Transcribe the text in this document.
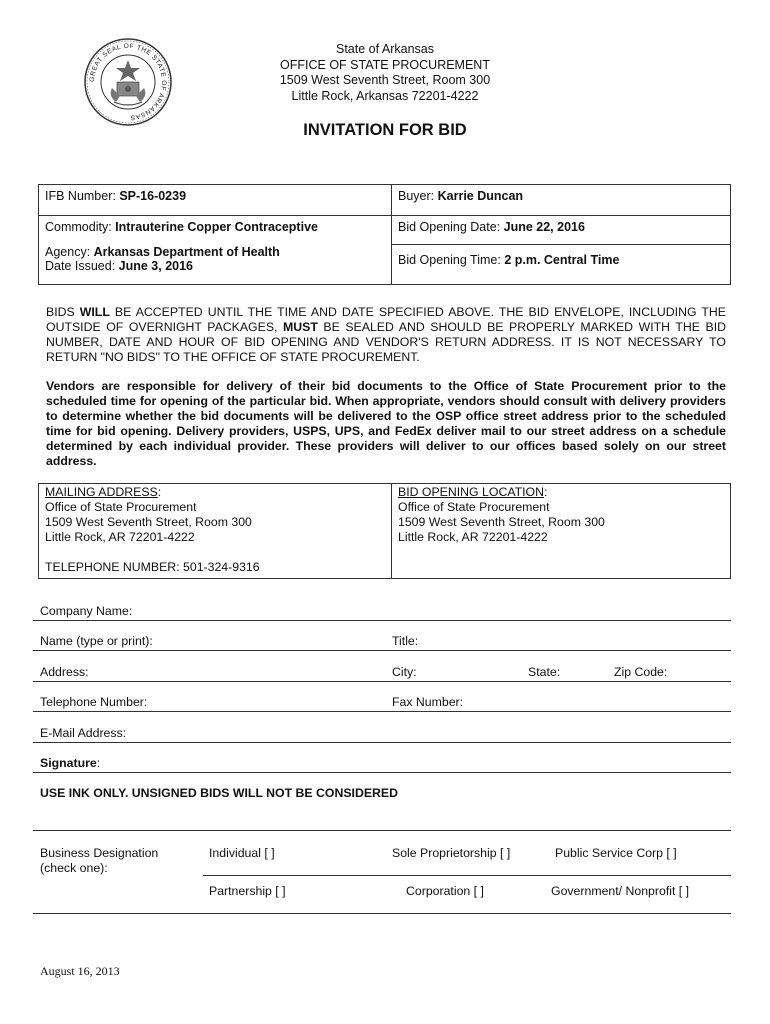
GREAT SEAL OF THE STATE OF ARKANSAS
State of Arkansas
OFFICE OF STATE PROCUREMENT
1509 West Seventh Street, Room 300
Little Rock, Arkansas 72201-4222
INVITATION FOR BID
IFB Number: SP-16-0239	Buyer: Karrie Duncan
Commodity: Intrauterine Copper Contraceptive	Bid Opening Date: June 22, 2016

Agency: Arkansas Department of Health
Date Issued: June 3, 2016	Bid Opening Time: 2 p.m. Central Time
BIDS WILL BE ACCEPTED UNTIL THE TIME AND DATE SPECIFIED ABOVE. THE BID ENVELOPE, INCLUDING THE OUTSIDE OF OVERNIGHT PACKAGES, MUST BE SEALED AND SHOULD BE PROPERLY MARKED WITH THE BID NUMBER, DATE AND HOUR OF BID OPENING AND VENDOR'S RETURN ADDRESS. IT IS NOT NECESSARY TO RETURN "NO BIDS" TO THE OFFICE OF STATE PROCUREMENT.
Vendors are responsible for delivery of their bid documents to the Office of State Procurement prior to the scheduled time for opening of the particular bid. When appropriate, vendors should consult with delivery providers to determine whether the bid documents will be delivered to the OSP office street address prior to the scheduled time for bid opening. Delivery providers, USPS, UPS, and FedEx deliver mail to our street address on a schedule determined by each individual provider. These providers will deliver to our offices based solely on our street address.
MAILING ADDRESS:
Office of State Procurement
1509 West Seventh Street, Room 300
Little Rock, AR 72201-4222
TELEPHONE NUMBER: 501-324-9316

BID OPENING LOCATION:
Office of State Procurement
1509 West Seventh Street, Room 300
Little Rock, AR 72201-4222
Company Name:
Name (type or print):	Title:
Address:	City:	State:	Zip Code:
Telephone Number:	Fax Number:
E-Mail Address:
Signature:
USE INK ONLY. UNSIGNED BIDS WILL NOT BE CONSIDERED
Business Designation
(check one):
Individual [ ]	Sole Proprietorship [ ]	Public Service Corp [ ]
Partnership [ ]	Corporation [ ]	Government/ Nonprofit [ ]
August 16, 2013
